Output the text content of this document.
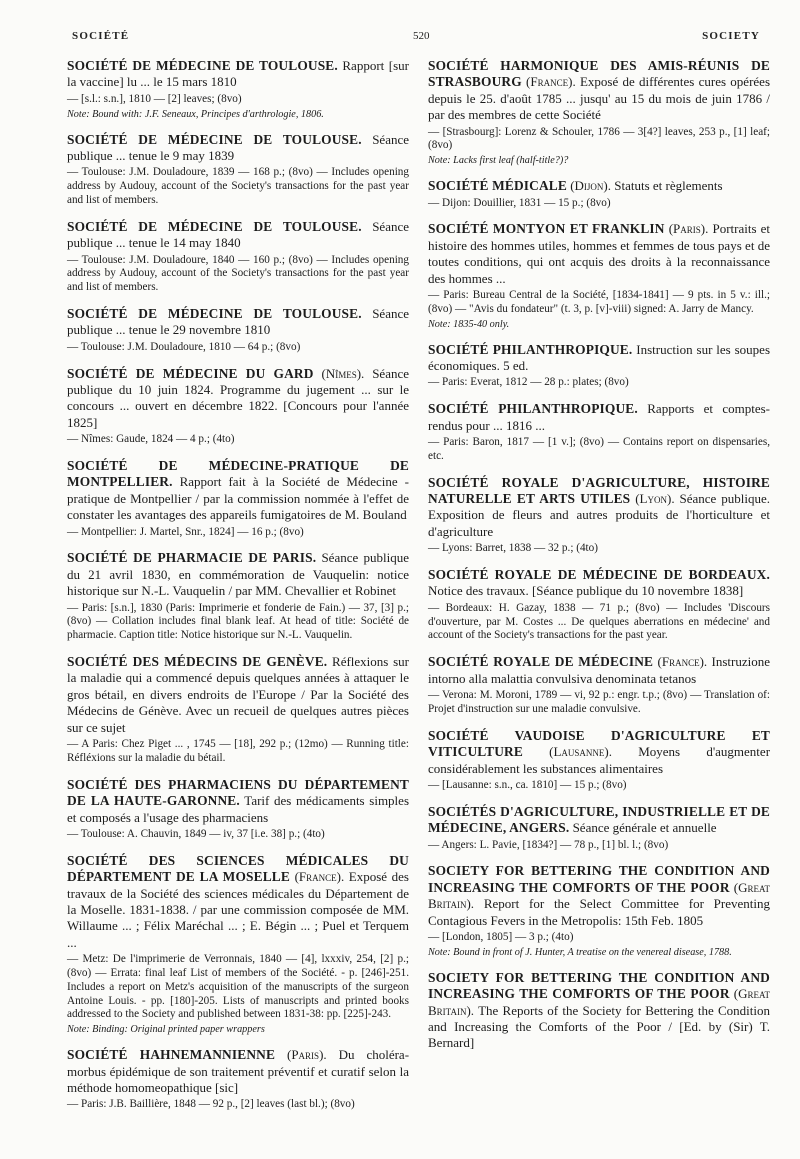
SOCIÉTÉ	520	SOCIETY
SOCIÉTÉ DE MÉDECINE DE TOULOUSE. Rapport [sur la vaccine] lu ... le 15 mars 1810
— [s.l.: s.n.], 1810 — [2] leaves; (8vo)
Note: Bound with: J.F. Seneaux, Principes d'arthrologie, 1806.
SOCIÉTÉ DE MÉDECINE DE TOULOUSE. Séance publique ... tenue le 9 may 1839
— Toulouse: J.M. Douladoure, 1839 — 168 p.; (8vo) — Includes opening address by Audouy, account of the Society's transactions for the past year and list of members.
SOCIÉTÉ DE MÉDECINE DE TOULOUSE. Séance publique ... tenue le 14 may 1840
— Toulouse: J.M. Douladoure, 1840 — 160 p.; (8vo) — Includes opening address by Audouy, account of the Society's transactions for the past year and list of members.
SOCIÉTÉ DE MÉDECINE DE TOULOUSE. Séance publique ... tenue le 29 novembre 1810
— Toulouse: J.M. Douladoure, 1810 — 64 p.; (8vo)
SOCIÉTÉ DE MÉDECINE DU GARD (Nîmes). Séance publique du 10 juin 1824. Programme du jugement ... sur le concours ... ouvert en décembre 1822. [Concours pour l'année 1825]
— Nîmes: Gaude, 1824 — 4 p.; (4to)
SOCIÉTÉ DE MÉDECINE-PRATIQUE DE MONTPELLIER. Rapport fait à la Société de Médecine - pratique de Montpellier / par la commission nommée à l'effet de constater les avantages des appareils fumigatoires de M. Bouland
— Montpellier: J. Martel, Snr., 1824] — 16 p.; (8vo)
SOCIÉTÉ DE PHARMACIE DE PARIS. Séance publique du 21 avril 1830, en commémoration de Vauquelin: notice historique sur N.-L. Vauquelin / par MM. Chevallier et Robinet
— Paris: [s.n.], 1830 (Paris: Imprimerie et fonderie de Fain.) — 37, [3] p.; (8vo) — Collation includes final blank leaf. At head of title: Société de pharmacie. Caption title: Notice historique sur N.-L. Vauquelin.
SOCIÉTÉ DES MÉDECINS DE GENÈVE. Réflexions sur la maladie qui a commencé depuis quelques années à attaquer le gros bétail, en divers endroits de l'Europe / Par la Société des Médecins de Génève. Avec un recueil de quelques autres pièces sur ce sujet
— A Paris: Chez Piget ... , 1745 — [18], 292 p.; (12mo) — Running title: Réfléxions sur la maladie du bétail.
SOCIÉTÉ DES PHARMACIENS DU DÉPARTEMENT DE LA HAUTE-GARONNE. Tarif des médicaments simples et composés a l'usage des pharmaciens
— Toulouse: A. Chauvin, 1849 — iv, 37 [i.e. 38] p.; (4to)
SOCIÉTÉ DES SCIENCES MÉDICALES DU DÉPARTEMENT DE LA MOSELLE (France). Exposé des travaux de la Société des sciences médicales du Département de la Moselle. 1831-1838. / par une commission composée de MM. Willaume ... ; Félix Maréchal ... ; E. Bégin ... ; Puel et Terquem ...
— Metz: De l'imprimerie de Verronnais, 1840 — [4], lxxxiv, 254, [2] p.; (8vo) — Errata: final leaf List of members of the Société. - p. [246]-251. Includes a report on Metz's acquisition of the manuscripts of the surgeon Antoine Louis. - pp. [180]-205. Lists of manuscripts and printed books addressed to the Society and published between 1831-38: pp. [225]-243.
Note: Binding: Original printed paper wrappers
SOCIÉTÉ HAHNEMANNIENNE (Paris). Du choléra-morbus épidémique de son traitement préventif et curatif selon la méthode homomeopathique [sic]
— Paris: J.B. Baillière, 1848 — 92 p., [2] leaves (last bl.); (8vo)
SOCIÉTÉ HARMONIQUE DES AMIS-RÉUNIS DE STRASBOURG (France). Exposé de différentes cures opérées depuis le 25. d'août 1785 ... jusqu' au 15 du mois de juin 1786 / par des membres de cette Société
— [Strasbourg]: Lorenz & Schouler, 1786 — 3[4?] leaves, 253 p., [1] leaf; (8vo)
Note: Lacks first leaf (half-title?)?
SOCIÉTÉ MÉDICALE (Dijon). Statuts et règlements
— Dijon: Douillier, 1831 — 15 p.; (8vo)
SOCIÉTÉ MONTYON ET FRANKLIN (Paris). Portraits et histoire des hommes utiles, hommes et femmes de tous pays et de toutes conditions, qui ont acquis des droits à la reconnaissance des hommes ...
— Paris: Bureau Central de la Société, [1834-1841] — 9 pts. in 5 v.: ill.; (8vo) — "Avis du fondateur" (t. 3, p. [v]-viii) signed: A. Jarry de Mancy.
Note: 1835-40 only.
SOCIÉTÉ PHILANTHROPIQUE. Instruction sur les soupes économiques. 5 ed.
— Paris: Everat, 1812 — 28 p.: plates; (8vo)
SOCIÉTÉ PHILANTHROPIQUE. Rapports et comptes-rendus pour ... 1816 ...
— Paris: Baron, 1817 — [1 v.]; (8vo) — Contains report on dispensaries, etc.
SOCIÉTÉ ROYALE D'AGRICULTURE, HISTOIRE NATURELLE ET ARTS UTILES (Lyon). Séance publique. Exposition de fleurs and autres produits de l'horticulture et d'agriculture
— Lyons: Barret, 1838 — 32 p.; (4to)
SOCIÉTÉ ROYALE DE MÉDECINE DE BORDEAUX. Notice des travaux. [Séance publique du 10 novembre 1838]
— Bordeaux: H. Gazay, 1838 — 71 p.; (8vo) — Includes 'Discours d'ouverture, par M. Costes ... De quelques aberrations en médecine' and account of the Society's transactions for the past year.
SOCIÉTÉ ROYALE DE MÉDECINE (France). Instruzione intorno alla malattia convulsiva denominata tetanos
— Verona: M. Moroni, 1789 — vi, 92 p.: engr. t.p.; (8vo) — Translation of: Projet d'instruction sur une maladie convulsive.
SOCIÉTÉ VAUDOISE D'AGRICULTURE ET VITICULTURE (Lausanne). Moyens d'augmenter considérablement les substances alimentaires
— [Lausanne: s.n., ca. 1810] — 15 p.; (8vo)
SOCIÉTÉS D'AGRICULTURE, INDUSTRIELLE ET DE MÉDECINE, ANGERS. Séance générale et annuelle
— Angers: L. Pavie, [1834?] — 78 p., [1] bl. l.; (8vo)
SOCIETY FOR BETTERING THE CONDITION AND INCREASING THE COMFORTS OF THE POOR (Great Britain). Report for the Select Committee for Preventing Contagious Fevers in the Metropolis: 15th Feb. 1805
— [London, 1805] — 3 p.; (4to)
Note: Bound in front of J. Hunter, A treatise on the venereal disease, 1788.
SOCIETY FOR BETTERING THE CONDITION AND INCREASING THE COMFORTS OF THE POOR (Great Britain). The Reports of the Society for Bettering the Condition and Increasing the Comforts of the Poor / [Ed. by (Sir) T. Bernard]
